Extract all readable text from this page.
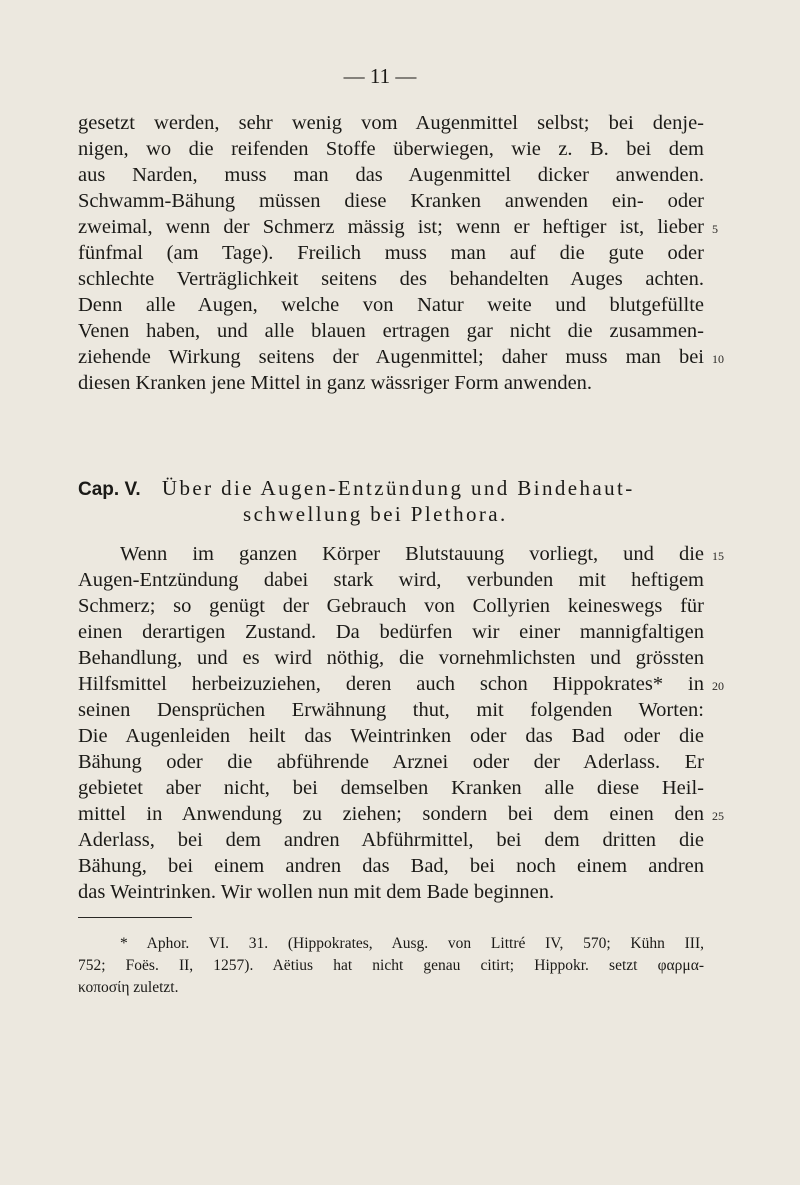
— 11 —
gesetzt werden, sehr wenig vom Augenmittel selbst; bei denje-
nigen, wo die reifenden Stoffe überwiegen, wie z. B. bei dem
aus Narden, muss man das Augenmittel dicker anwenden.
Schwamm-Bähung müssen diese Kranken anwenden ein- oder
zweimal, wenn der Schmerz mässig ist; wenn er heftiger ist, lieber
fünfmal (am Tage). Freilich muss man auf die gute oder
schlechte Verträglichkeit seitens des behandelten Auges achten.
Denn alle Augen, welche von Natur weite und blutgefüllte
Venen haben, und alle blauen ertragen gar nicht die zusammen-
ziehende Wirkung seitens der Augenmittel; daher muss man bei
diesen Kranken jene Mittel in ganz wässriger Form anwenden.
Cap. V. Über die Augen-Entzündung und Bindehaut-
schwellung bei Plethora.
Wenn im ganzen Körper Blutstauung vorliegt, und die
Augen-Entzündung dabei stark wird, verbunden mit heftigem
Schmerz; so genügt der Gebrauch von Collyrien keineswegs für
einen derartigen Zustand. Da bedürfen wir einer mannigfaltigen
Behandlung, und es wird nöthig, die vornehmlichsten und grössten
Hilfsmittel herbeizuziehen, deren auch schon Hippokrates* in
seinen Densprüchen Erwähnung thut, mit folgenden Worten:
Die Augenleiden heilt das Weintrinken oder das Bad oder die
Bähung oder die abführende Arznei oder der Aderlass. Er
gebietet aber nicht, bei demselben Kranken alle diese Heil-
mittel in Anwendung zu ziehen; sondern bei dem einen den
Aderlass, bei dem andren Abführmittel, bei dem dritten die
Bähung, bei einem andren das Bad, bei noch einem andren
das Weintrinken. Wir wollen nun mit dem Bade beginnen.
5
10
15
20
25
* Aphor. VI. 31. (Hippokrates, Ausg. von Littré IV, 570; Kühn III,
752; Foës. II, 1257). Aëtius hat nicht genau citirt; Hippokr. setzt φαρμα-
κοποσίη zuletzt.
